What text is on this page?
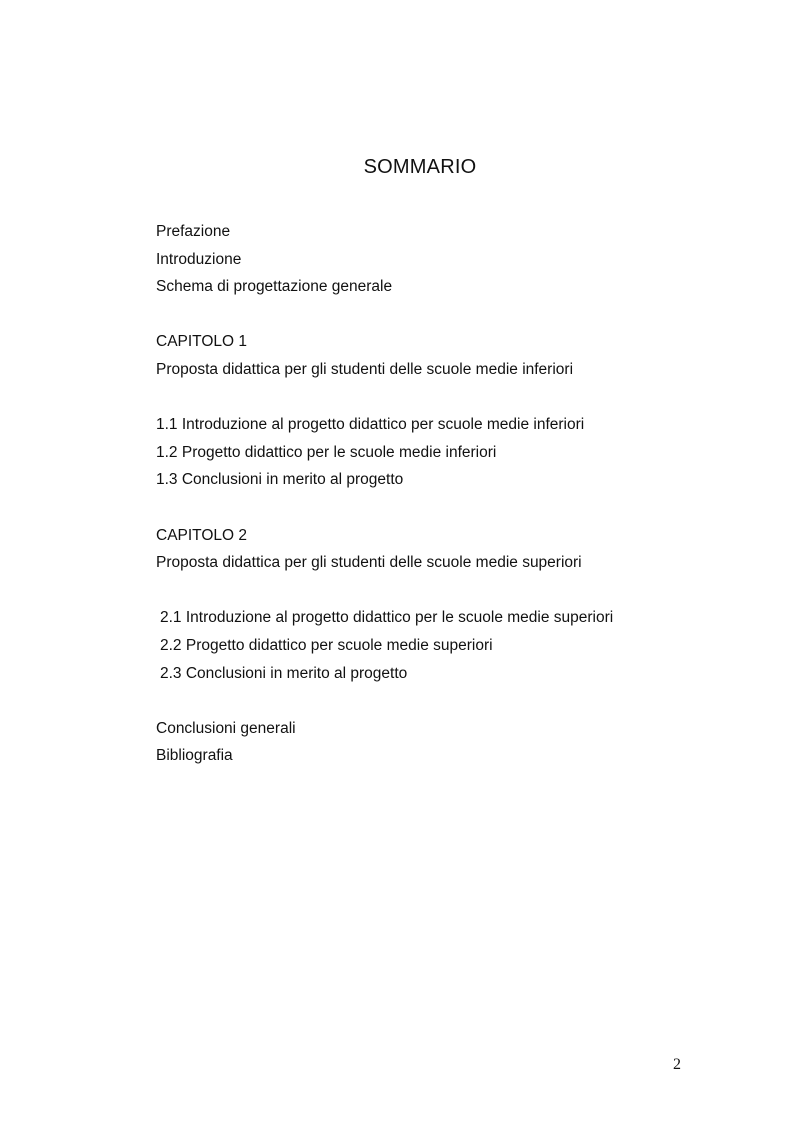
SOMMARIO
Prefazione
Introduzione
Schema di progettazione generale
CAPITOLO 1
Proposta didattica per gli studenti delle scuole medie inferiori
1.1 Introduzione al progetto didattico per scuole medie inferiori
1.2 Progetto didattico per le scuole medie inferiori
1.3 Conclusioni in merito al progetto
CAPITOLO 2
Proposta didattica per gli studenti delle scuole medie superiori
2.1 Introduzione al progetto didattico per le scuole medie superiori
2.2 Progetto didattico per scuole medie superiori
2.3 Conclusioni in merito al progetto
Conclusioni generali
Bibliografia
2
